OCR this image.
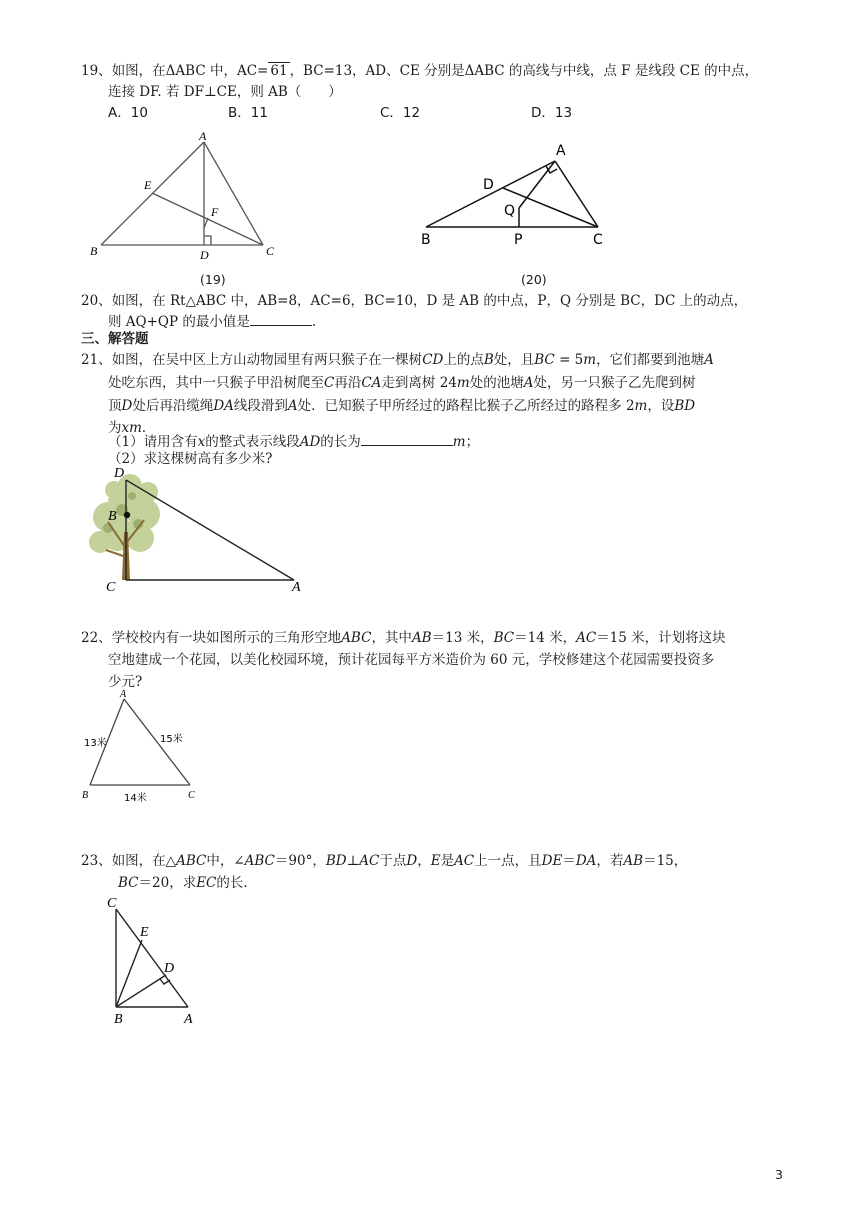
19、如图，在ΔABC 中，AC= 61 ，BC=13，AD、CE 分别是ΔABC 的高线与中线，点 F 是线段 CE 的中点，
连接 DF. 若 DF⊥CE，则 AB（　　）
A．10	B．11	C．12	D．13
A
E
F
B	D	C
(19)
A
D
Q
B	P	C
(20)
20、如图，在 Rt△ABC 中，AB=8，AC=6，BC=10，D 是 AB 的中点，P，Q 分别是 BC，DC 上的动点，
则 AQ+QP 的最小值是	.
三、解答题
21、如图，在吴中区上方山动物园里有两只猴子在一棵树CD上的点B处，且BC = 5m，它们都要到池塘A
处吃东西，其中一只猴子甲沿树爬至C再沿CA走到离树 24m处的池塘A处，另一只猴子乙先爬到树
顶D处后再沿缆绳DA线段滑到A处．已知猴子甲所经过的路程比猴子乙所经过的路程多 2m，设BD
为xm．
（1）请用含有x的整式表示线段AD的长为	m；
（2）求这棵树高有多少米?
D
B
C	A
22、学校校内有一块如图所示的三角形空地ABC，其中AB＝13 米，BC＝14 米，AC＝15 米，计划将这块
空地建成一个花园，以美化校园环境，预计花园每平方米造价为 60 元，学校修建这个花园需要投资多
少元?
A
B	C
13米	15米
14米
23、如图，在△ABC中，∠ABC＝90°，BD⊥AC于点D，E是AC上一点，且DE＝DA，若AB＝15，
BC＝20，求EC的长.
C
E
D
B	A
3
